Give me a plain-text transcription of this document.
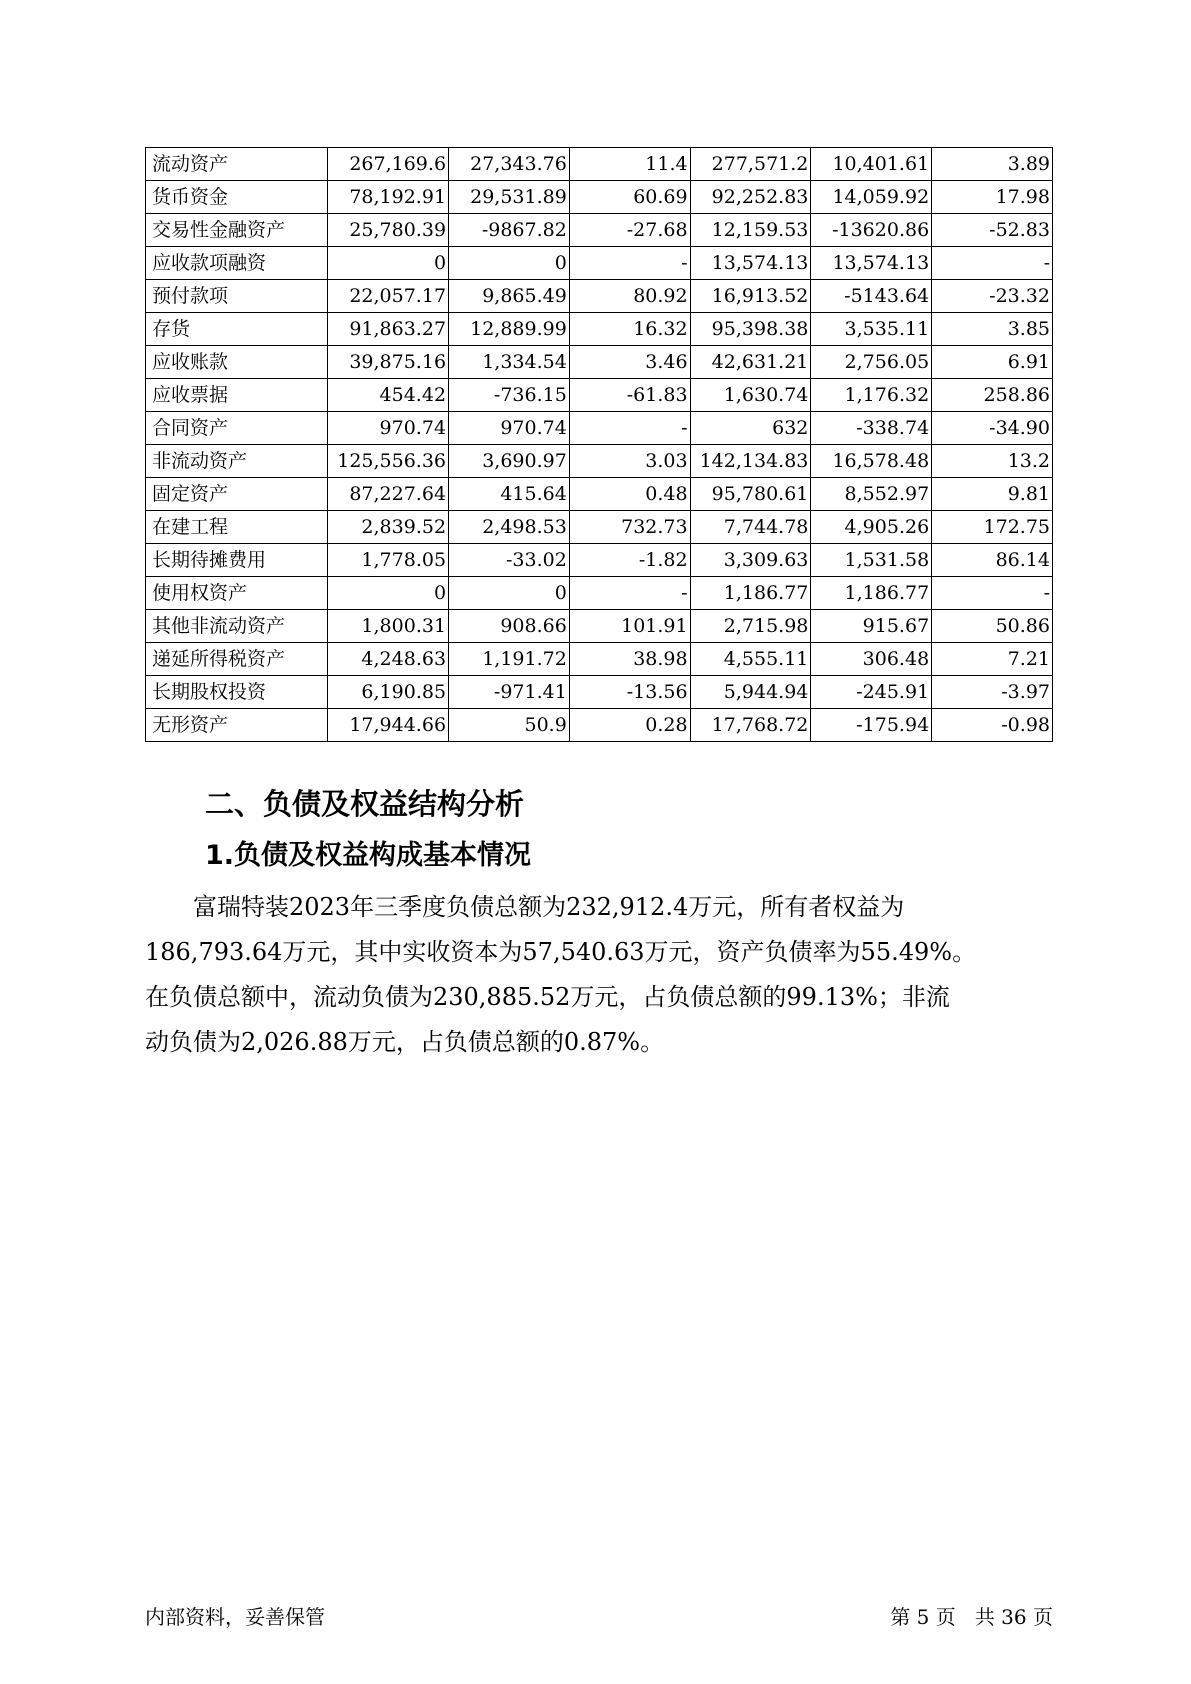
流动资产	267,169.6	27,343.76	11.4	277,571.2	10,401.61	3.89
货币资金	78,192.91	29,531.89	60.69	92,252.83	14,059.92	17.98
交易性金融资产	25,780.39	-9867.82	-27.68	12,159.53	-13620.86	-52.83
应收款项融资	0	0	-	13,574.13	13,574.13	-
预付款项	22,057.17	9,865.49	80.92	16,913.52	-5143.64	-23.32
存货	91,863.27	12,889.99	16.32	95,398.38	3,535.11	3.85
应收账款	39,875.16	1,334.54	3.46	42,631.21	2,756.05	6.91
应收票据	454.42	-736.15	-61.83	1,630.74	1,176.32	258.86
合同资产	970.74	970.74	-	632	-338.74	-34.90
非流动资产	125,556.36	3,690.97	3.03	142,134.83	16,578.48	13.2
固定资产	87,227.64	415.64	0.48	95,780.61	8,552.97	9.81
在建工程	2,839.52	2,498.53	732.73	7,744.78	4,905.26	172.75
长期待摊费用	1,778.05	-33.02	-1.82	3,309.63	1,531.58	86.14
使用权资产	0	0	-	1,186.77	1,186.77	-
其他非流动资产	1,800.31	908.66	101.91	2,715.98	915.67	50.86
递延所得税资产	4,248.63	1,191.72	38.98	4,555.11	306.48	7.21
长期股权投资	6,190.85	-971.41	-13.56	5,944.94	-245.91	-3.97
无形资产	17,944.66	50.9	0.28	17,768.72	-175.94	-0.98
二、负债及权益结构分析
1.负债及权益构成基本情况
富瑞特装2023年三季度负债总额为232,912.4万元，所有者权益为
186,793.64万元，其中实收资本为57,540.63万元，资产负债率为55.49%。
在负债总额中，流动负债为230,885.52万元，占负债总额的99.13%；非流
动负债为2,026.88万元，占负债总额的0.87%。
内部资料，妥善保管	第 5 页   共 36 页
